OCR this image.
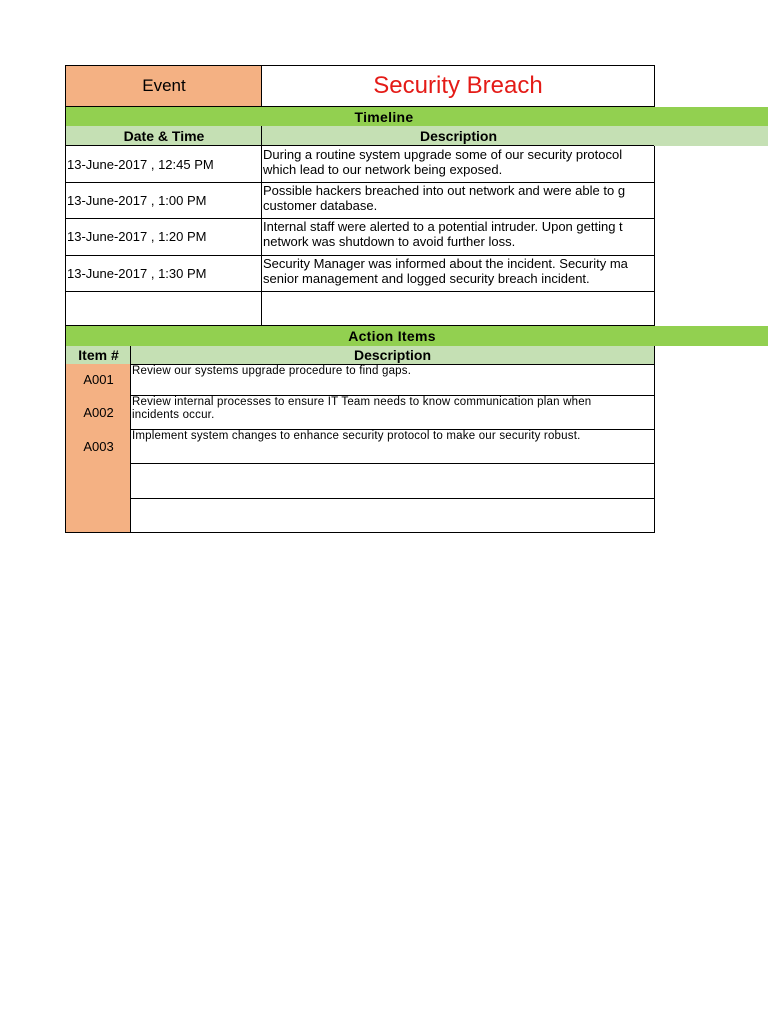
Event	Security Breach
Timeline
Date & Time	Description
13-June-2017 , 12:45 PM
During a routine system upgrade some of our security protocol
which lead to our network being exposed.
13-June-2017 , 1:00 PM
Possible hackers breached into out network and were able to g
customer database.
13-June-2017 , 1:20 PM
Internal staff were alerted to a potential intruder. Upon getting t
network was shutdown to avoid further loss.
13-June-2017 , 1:30 PM
Security Manager was informed about the incident. Security ma
senior management and logged security breach incident.
Action Items
Item #	Description
A001
Review our systems upgrade procedure to find gaps.
A002
Review internal processes to ensure IT Team needs to know communication plan when
incidents occur.
A003
Implement system changes to enhance security protocol to make our security robust.
